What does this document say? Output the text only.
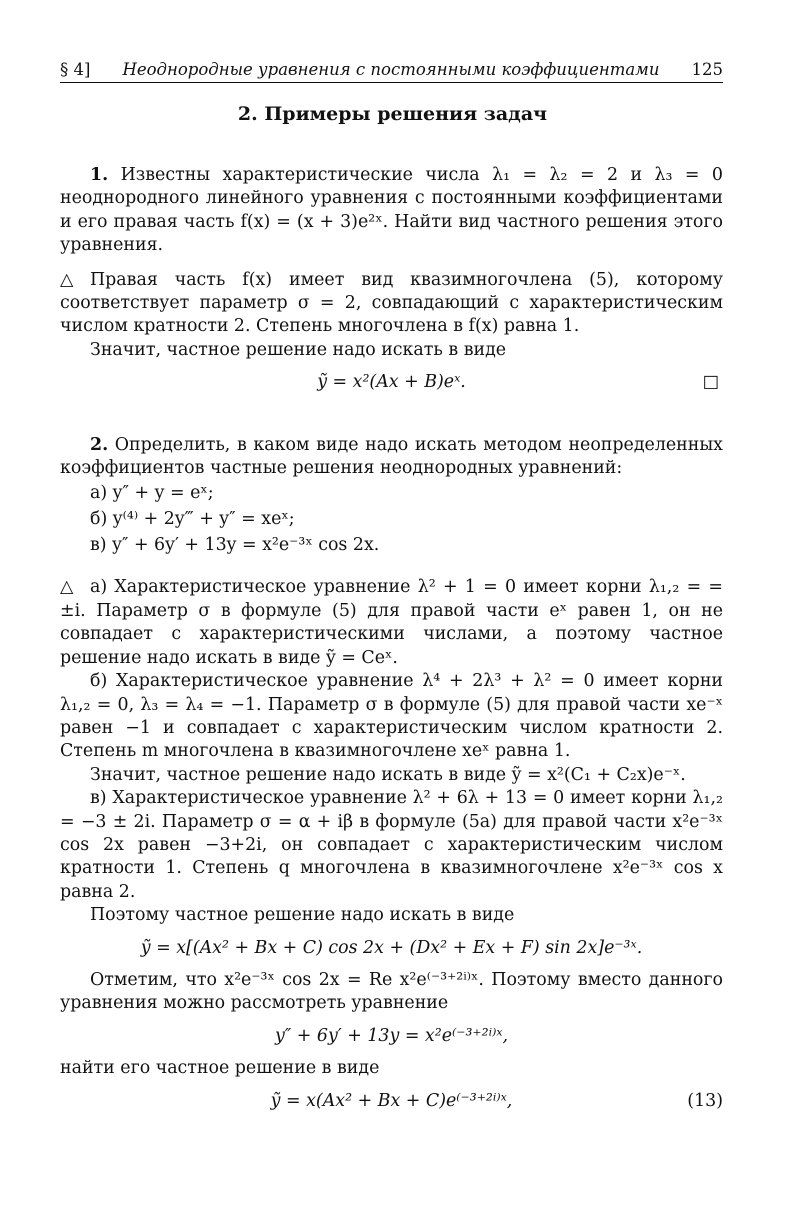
§ 4]	Неоднородные уравнения с постоянными коэффициентами	125
2. Примеры решения задач

1. Известны характеристические числа λ₁ = λ₂ = 2 и λ₃ = 0 неоднородного линейного уравнения с постоянными коэффициентами и его правая часть f(x) = (x + 3)e²ˣ. Найти вид частного решения этого уравнения.

△ Правая часть f(x) имеет вид квазимногочлена (5), которому соответствует параметр σ = 2, совпадающий с характеристическим числом кратности 2. Степень многочлена в f(x) равна 1.

Значит, частное решение надо искать в виде

ỹ = x²(Ax + B)eˣ.	□

2. Определить, в каком виде надо искать методом неопределенных коэффициентов частные решения неоднородных уравнений:

а) y″ + y = eˣ;

б) y⁽⁴⁾ + 2y‴ + y″ = xeˣ;

в) y″ + 6y′ + 13y = x²e⁻³ˣ cos 2x.

△ а) Характеристическое уравнение λ² + 1 = 0 имеет корни λ₁,₂ = = ±i. Параметр σ в формуле (5) для правой части eˣ равен 1, он не совпадает с характеристическими числами, а поэтому частное решение надо искать в виде ỹ = Ceˣ.

б) Характеристическое уравнение λ⁴ + 2λ³ + λ² = 0 имеет корни λ₁,₂ = 0, λ₃ = λ₄ = −1. Параметр σ в формуле (5) для правой части xe⁻ˣ равен −1 и совпадает с характеристическим числом кратности 2. Степень m многочлена в квазимногочлене xeˣ равна 1.

Значит, частное решение надо искать в виде ỹ = x²(C₁ + C₂x)e⁻ˣ.

в) Характеристическое уравнение λ² + 6λ + 13 = 0 имеет корни λ₁,₂ = −3 ± 2i. Параметр σ = α + iβ в формуле (5а) для правой части x²e⁻³ˣ cos 2x равен −3+2i, он совпадает с характеристическим числом кратности 1. Степень q многочлена в квазимногочлене x²e⁻³ˣ cos x равна 2.

Поэтому частное решение надо искать в виде

ỹ = x[(Ax² + Bx + C) cos 2x + (Dx² + Ex + F) sin 2x]e⁻³ˣ.

Отметим, что x²e⁻³ˣ cos 2x = Re x²e⁽⁻³⁺²ⁱ⁾ˣ. Поэтому вместо данного уравнения можно рассмотреть уравнение

y″ + 6y′ + 13y = x²e⁽⁻³⁺²ⁱ⁾ˣ,

найти его частное решение в виде

ỹ = x(Ax² + Bx + C)e⁽⁻³⁺²ⁱ⁾ˣ,	(13)
